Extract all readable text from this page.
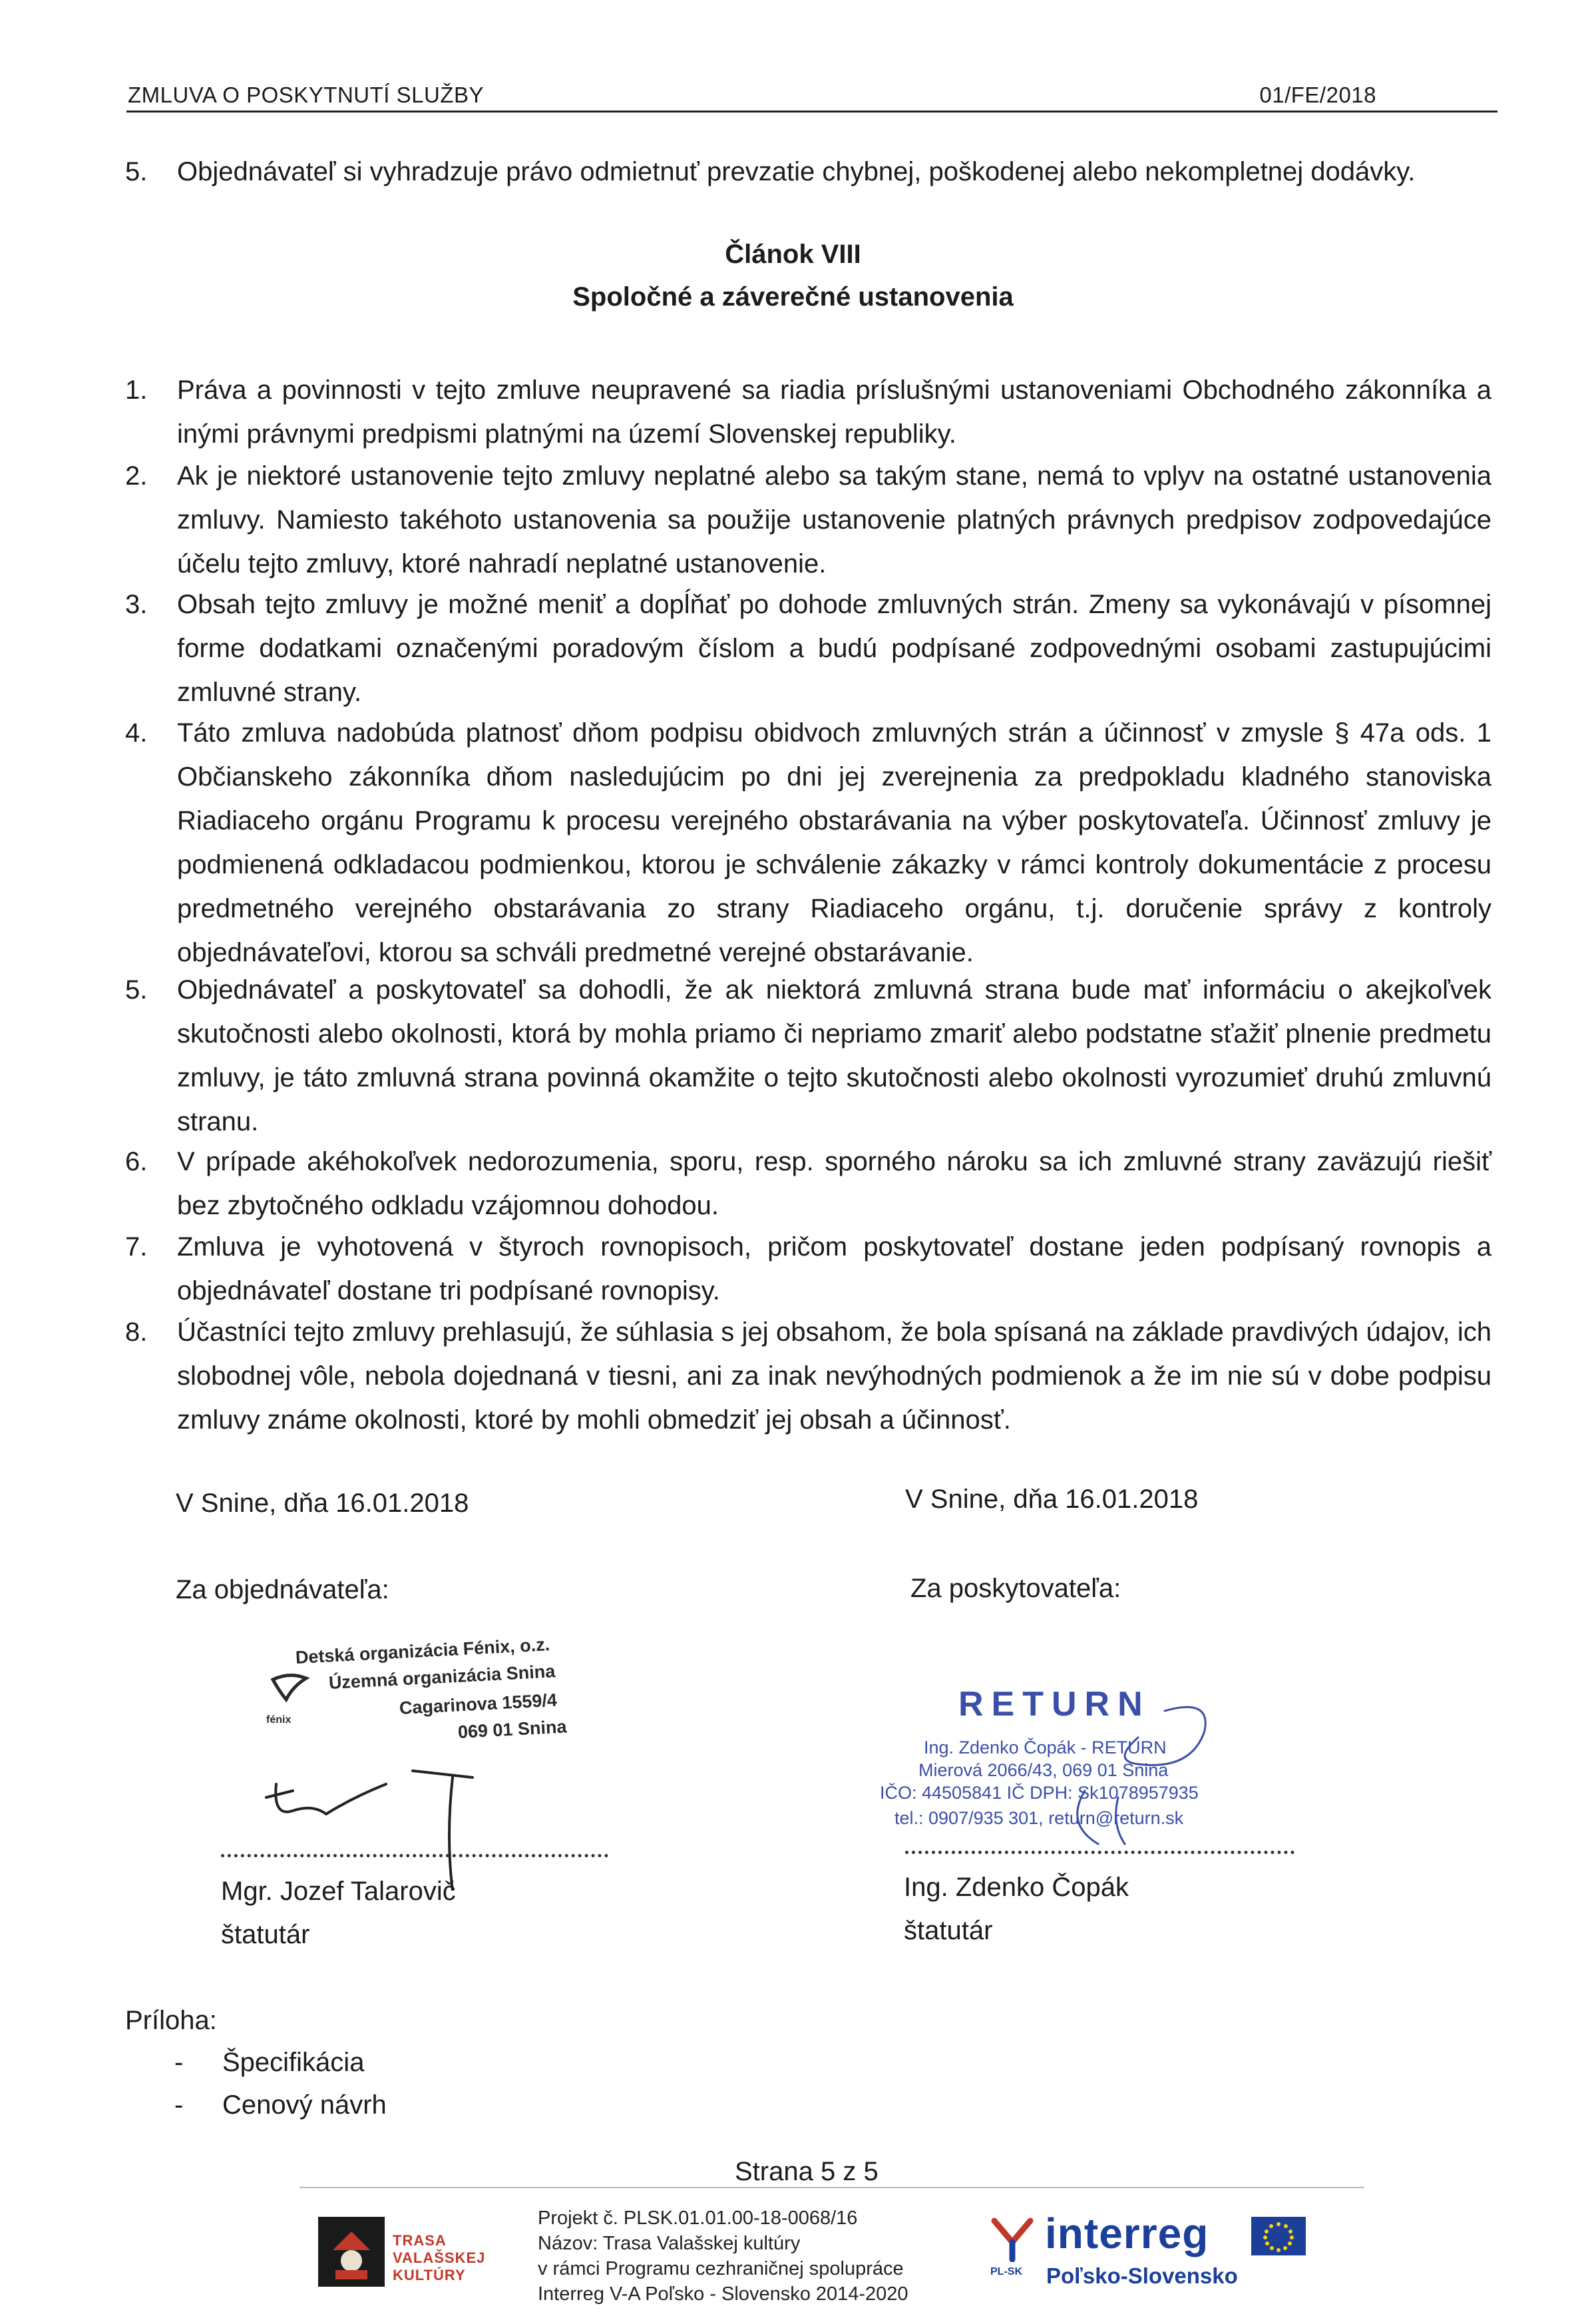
ZMLUVA O POSKYTNUTÍ SLUŽBY	01/FE/2018
5. Objednávateľ si vyhradzuje právo odmietnuť prevzatie chybnej, poškodenej alebo nekompletnej dodávky.
Článok VIII
Spoločné a záverečné ustanovenia
1. Práva a povinnosti v tejto zmluve neupravené sa riadia príslušnými ustanoveniami Obchodného zákonníka a inými právnymi predpismi platnými na území Slovenskej republiky.
2. Ak je niektoré ustanovenie tejto zmluvy neplatné alebo sa takým stane, nemá to vplyv na ostatné ustanovenia zmluvy. Namiesto takéhoto ustanovenia sa použije ustanovenie platných právnych predpisov zodpovedajúce účelu tejto zmluvy, ktoré nahradí neplatné ustanovenie.
3. Obsah tejto zmluvy je možné meniť a dopĺňať po dohode zmluvných strán. Zmeny sa vykonávajú v písomnej forme dodatkami označenými poradovým číslom a budú podpísané zodpovednými osobami zastupujúcimi zmluvné strany.
4. Táto zmluva nadobúda platnosť dňom podpisu obidvoch zmluvných strán a účinnosť v zmysle § 47a ods. 1 Občianskeho zákonníka dňom nasledujúcim po dni jej zverejnenia za predpokladu kladného stanoviska Riadiaceho orgánu Programu k procesu verejného obstarávania na výber poskytovateľa. Účinnosť zmluvy je podmienená odkladacou podmienkou, ktorou je schválenie zákazky v rámci kontroly dokumentácie z procesu predmetného verejného obstarávania zo strany Riadiaceho orgánu, t.j. doručenie správy z kontroly objednávateľovi, ktorou sa schváli predmetné verejné obstarávanie.
5. Objednávateľ a poskytovateľ sa dohodli, že ak niektorá zmluvná strana bude mať informáciu o akejkoľvek skutočnosti alebo okolnosti, ktorá by mohla priamo či nepriamo zmariť alebo podstatne sťažiť plnenie predmetu zmluvy, je táto zmluvná strana povinná okamžite o tejto skutočnosti alebo okolnosti vyrozumieť druhú zmluvnú stranu.
6. V prípade akéhokoľvek nedorozumenia, sporu, resp. sporného nároku sa ich zmluvné strany zaväzujú riešiť bez zbytočného odkladu vzájomnou dohodou.
7. Zmluva je vyhotovená v štyroch rovnopisoch, pričom poskytovateľ dostane jeden podpísaný rovnopis a objednávateľ dostane tri podpísané rovnopisy.
8. Účastníci tejto zmluvy prehlasujú, že súhlasia s jej obsahom, že bola spísaná na základe pravdivých údajov, ich slobodnej vôle, nebola dojednaná v tiesni, ani za inak nevýhodných podmienok a že im nie sú v dobe podpisu zmluvy známe okolnosti, ktoré by mohli obmedziť jej obsah a účinnosť.
V Snine, dňa 16.01.2018
Za objednávateľa:
Detská organizácia Fénix, o.z.
Územná organizácia Snina
Cagarinova 1559/4
069 01 Snina
fénix
Mgr. Jozef Talarovič
štatutár
V Snine, dňa 16.01.2018
Za poskytovateľa:
RETURN
Ing. Zdenko Čopák - RETURN
Mierová 2066/43, 069 01 Snina
IČO: 44505841 IČ DPH: Sk1078957935
tel.: 0907/935 301, return@return.sk
Ing. Zdenko Čopák
štatutár
Príloha:
- Špecifikácia
- Cenový návrh
Strana 5 z 5
TRASA
VALAŠSKEJ
KULTÚRY
Projekt č. PLSK.01.01.00-18-0068/16
Názov: Trasa Valašskej kultúry
v rámci Programu cezhraničnej spolupráce
Interreg V-A Poľsko - Slovensko 2014-2020
PL-SK
interreg
Poľsko-Slovensko
